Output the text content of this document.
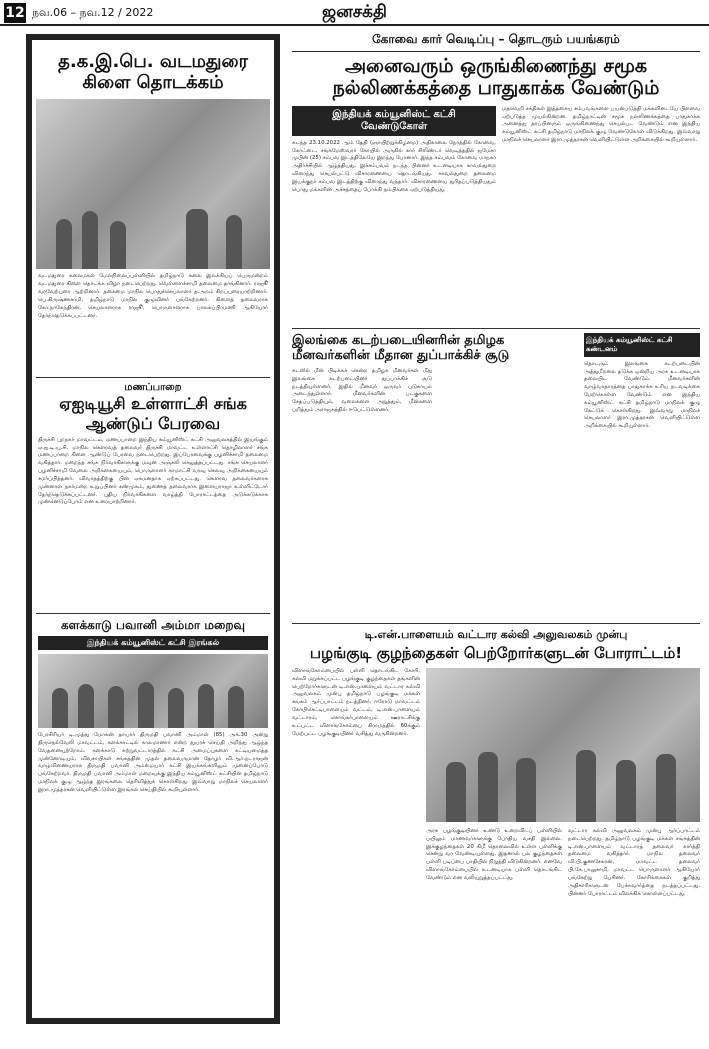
12 நவ.06 – நவ.12 / 2022	ஜனசக்தி
த.க.இ.பெ. வடமதுரை
கிளை தொடக்கம்
வடமதுரை கலைமகள் மேல்நிலைப்பள்ளியில் தமிழ்நாடு கலை இலக்கியப் பெருமன்றம் வடமதுரை கிளை தொடக்க விழா நடைபெற்றது. வெள்ளைச்சாமி தலைமை தாங்கினார். ராஜூ வரவேற்புரை ஆற்றினார். தகைமை மாநில பொதுச்செயலாளர் த.அறம் சிறப்புரையாற்றினார். பெ.கிருஷ்ணசாமி, தமிழ்நாடு மாநில குழுவினர் பங்கேற்றனர். கிளைத் தலைவராக கோ.நாகேந்திரன், செயலாளராக ராஜூ, பொருளாளராக பாலசுப்பிரமணி ஆகியோர் தேர்ந்தெடுக்கப்பட்டனர்.
மணப்பாறை
ஏஐடியூசி உள்ளாட்சி சங்க
ஆண்டுப் பேரவை
திருச்சி புறநகர் மாவட்டம், மணப்பாறை இந்திய கம்யூனிஸ்ட் கட்சி அலுவலகத்தில் இயங்கும் ஏ.ஐ.டி.யு.சி. மாநில கௌரவத் தலைவர் திருச்சி மாவட்ட உள்ளாட்சி தொழிலாளர் சங்க மணப்பாறை கிளை ஆண்டுப் பேரவை நடைபெற்றது. இப்பேரவைக்கு பழனிச்சாமி தலைமை வகித்தார். மறைந்த சங்க நிர்வாகிகளுக்கு மவுன அஞ்சலி செலுத்தப்பட்டது. சங்க செயலாளர் பழனிச்சாமி வேலை அறிக்கையையும், பொருளாளர் காமாட்சி வரவு செலவு அறிக்கையையும் சமர்ப்பித்தனர். விவாதத்திற்கு பின் ஏகமனதாக ஏற்கப்பட்டது. கௌரவ தலைவர்களாக முன்னாள் நகர்மன்ற உறுப்பினர் சண்முகம், துணைத் தலைவராக இளையராஜா உள்ளிட்டோர் தேர்ந்தெடுக்கப்பட்டனர். புதிய நிர்வாகிகளை வாழ்த்தி போராட்டத்தை அடுக்கடுக்காக முன்னெடுப்போம் என உரையாற்றினார்.
களக்காடு பவானி அம்மா மறைவு
இந்தியக் கம்யூனிஸ்ட் கட்சி இரங்கல்
பேரசிரியர் டி.முத்து மோகன் தாயார் திருமதி பவானி அம்மாள் (85) அக்.30 அன்று திருநெல்வேலி மாவட்டம், களக்காட்டில் காலமானார் என்ற துயரச் செய்தி அறிந்து ஆழ்ந்த வேதனையுற்றோம். களக்காடு சுற்றுவட்டாரத்தில் கட்சி அமைப்புகளை கட்டியமைத்த முன்னோடியும், விவசாயிகள் சங்கத்தின் முதல் தலைவருமான தோழர் வி.ஆர்.நடராஜன் வாழ்விணையராக திருமதி பவானி அம்மையார் கட்சி இயக்கங்களிலும் முனைப்போடு பங்கேற்றவர். திருமதி பவானி அம்மாள் மறைவுக்கு இந்திய கம்யூனிஸ்ட் கட்சியின் தமிழ்நாடு மாநிலக் குழு ஆழ்ந்த இரங்கலை தெரிவித்துக் கொள்கிறது. இவ்வாறு மாநிலச் செயலாளர் இரா.முத்தரசன் வெளியிட்டுள்ள இரங்கல் செய்தியில் கூறியுள்ளார்.
கோவை கார் வெடிப்பு – தொடரும் பயங்கரம்
அனைவரும் ஒருங்கிணைந்து சமூக
நல்லிணக்கத்தை பாதுகாக்க வேண்டும்
இந்தியக் கம்யூனிஸ்ட் கட்சி
வேண்டுகோள்
கடந்த 23.10.2022 ஆம் தேதி (ஞாயிற்றுக்கிழமை) அதிகாலை நேரத்தில் கோவை, கோட்டை, சங்கமேஸ்வரர் கோயில் அருகில் கார் சிலிண்டர் வெடித்ததில் ஜமேசா முபின் (25) சம்பவ இடத்திலேயே இறந்து போனார். இந்த சம்பவம் கோவை மாநகர அதிர்ச்சியில் ஆழ்த்தியது. இச்சம்பவம் நடந்த பின்னர் உடனடியாக காவல்துறை விரைந்து செயல்பட்டு விசாரணையை தொடங்கியது. காவல்துறை தலைமை இயக்குநர் சம்பவ இடத்திற்கு விரைந்து வந்தார். விசாரணையை துரிதப்படுத்தியதும் பொது மக்களின் அச்சத்தைப் போக்கி நம்பிக்கை ஏற்படுத்தியது.
மதவெறி சக்திகள் இத்தகைய சம்பவங்களை பயன்படுத்தி மக்களிடையே பிளவை ஏற்படுத்த முயல்கின்றன. தமிழ்நாட்டின் சமூக நல்லிணக்கத்தை பாதுகாக்க அனைத்து தரப்பினரும் ஒருங்கிணைந்து செயல்பட வேண்டும் என இந்திய கம்யூனிஸ்ட் கட்சி தமிழ்நாடு மாநிலக் குழு வேண்டுகோள் விடுக்கிறது. இவ்வாறு மாநிலச் செயலாளர் இரா.முத்தரசன் வெளியிட்டுள்ள அறிக்கையில் கூறியுள்ளார்.
இலங்கை கடற்படையினரின் தமிழக
மீனவர்களின் மீதான துப்பாக்கிச் சூடு
கடலில் மீன் பிடிக்கச் சென்ற தமிழக மீனவர்கள் மீது இலங்கை கடற்படையினர் துப்பாக்கிச் சூடு நடத்தியுள்ளனர். இதில் மீனவர் ஒருவர் படுகாயம் அடைந்துள்ளார். மீனவர்களின் படகுகளை சேதப்படுத்தியும், வலைகளை அறுத்தும், மீன்களை பறித்தும் அராஜகத்தில் ஈடுபட்டுள்ளனர்.
இந்தியக் கம்யூனிஸ்ட் கட்சி
கண்டனம்
தொடரும் இலங்கை கடற்படையின் அத்துமீறலை தடுக்க ஒன்றிய அரசு உடனடியாக தலையிட வேண்டும். மீனவர்களின் வாழ்வாதாரத்தை பாதுகாக்க உரிய நடவடிக்கை மேற்கொள்ள வேண்டும் என இந்திய கம்யூனிஸ்ட் கட்சி தமிழ்நாடு மாநிலக் குழு கேட்டுக் கொள்கிறது. இவ்வாறு மாநிலச் செயலாளர் இரா.முத்தரசன் வெளியிட்டுள்ள அறிக்கையில் கூறியுள்ளார்.
டி.என்.பாளையம் வட்டார கல்வி அலுவலகம் முன்பு
பழங்குடி குழந்தைகள் பெற்றோர்களுடன் போராட்டம்!
விளாங்கோம்பையில் பள்ளி தொடங்கிட கோரி, கல்வி மறுக்கப்பட்ட பழங்குடி குழந்தைகள் தங்களின் பெற்றோர்களுடன் டி.என்.பாளையம் வட்டார கல்வி அலுவலகம் முன்பு தமிழ்நாடு பழங்குடி மக்கள் சங்கம் ஆர்ப்பாட்டம் நடத்தினர். ஈரோடு மாவட்டம் கோபிசெட்டிபாளையம் வட்டம், டி.என்.பாளையம் வட்டாரம், கொங்கர்பாளையம் ஊராட்சிக்கு உட்பட்ட விளாங்கோம்பை கிராமத்தில் 60க்கும் மேற்பட்ட பழங்குடியினர் வசித்து வருகின்றனர்.
அரசு பழங்குடியினர் உண்டு உறைவிடப் பள்ளியில் பயிலும் மாணவர்களுக்கு போதிய வசதி இல்லை. இக்குழந்தைகள் 20 கிமீ தொலைவில் உள்ள பள்ளிக்கு சென்று வர வேண்டியுள்ளது. இதனால் பல குழந்தைகள் பள்ளி படிப்பை பாதியில் நிறுத்தி விடுகின்றனர். எனவே விளாங்கோம்பையில் உடனடியாக பள்ளி தொடங்கிட வேண்டும் என வலியுறுத்தப்பட்டது.
வட்டார கல்வி அலுவலகம் முன்பு ஆர்ப்பாட்டம் நடைபெற்றது. தமிழ்நாடு பழங்குடி மக்கள் சங்கத்தின் டி.என்.பாளையம் வட்டாரத் தலைவர் கார்த்தி தலைமை வகித்தார். மாநில தலைவர் வி.பி.குணசேகரன், மாவட்ட தலைவர் பி.கே.பாலுசாமி, மாவட்ட பொருளாளர் ஆகியோர் பங்கேற்று பேசினர். கோரிக்கைகள் குறித்து அதிகாரிகளுடன் பேச்சுவார்த்தை நடத்தப்பட்டது. பின்னர் போராட்டம் விலக்கிக் கொள்ளப்பட்டது.
